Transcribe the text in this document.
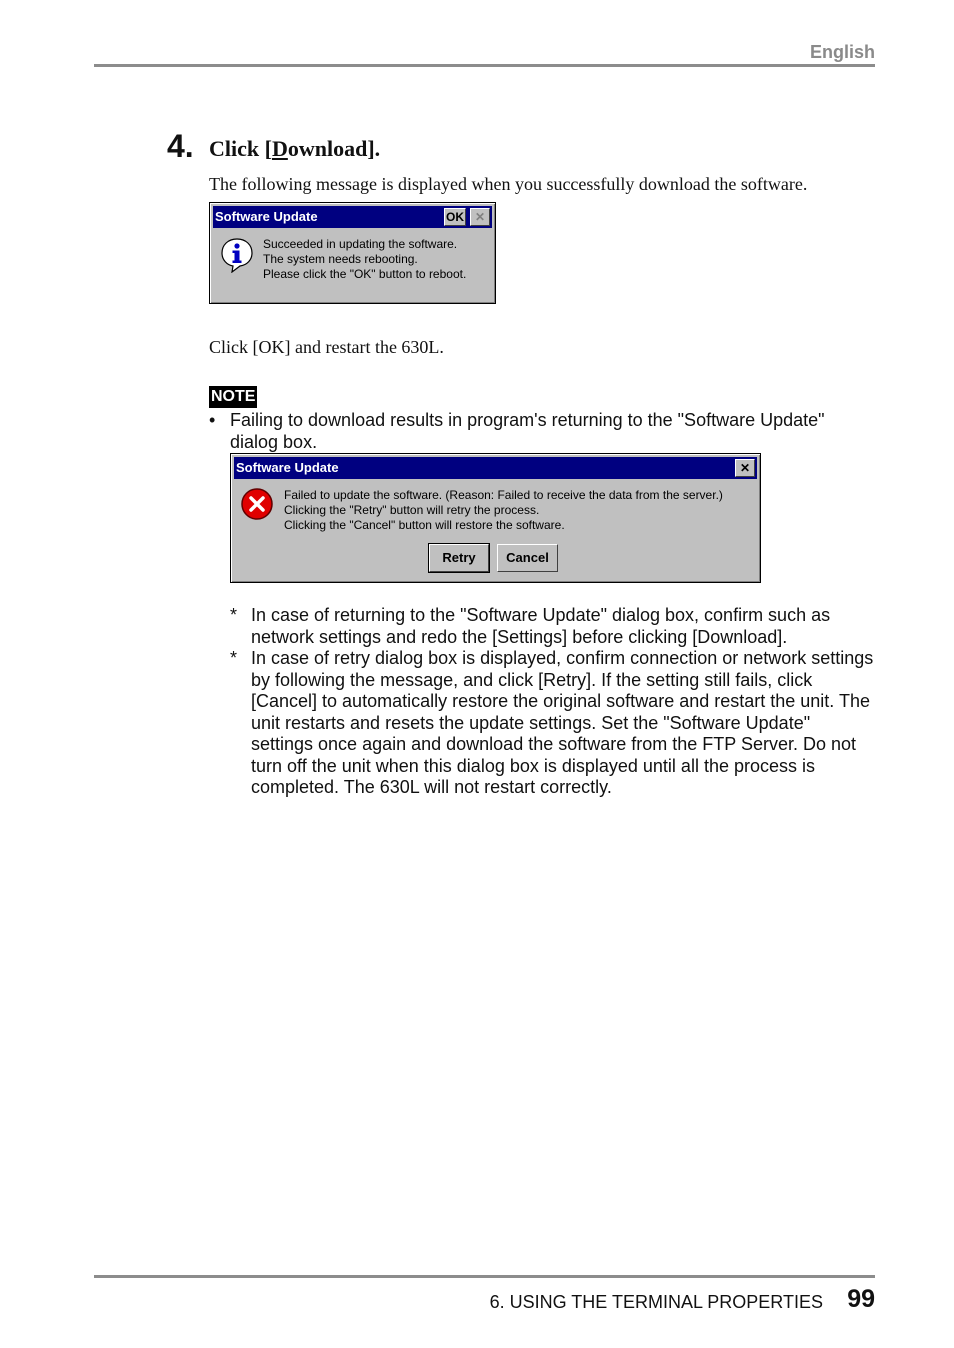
English
4. Click [Download].
The following message is displayed when you successfully download the software.
Software Update	OK ✕
Succeeded in updating the software.
The system needs rebooting.
Please click the "OK" button to reboot.
Click [OK] and restart the 630L.
NOTE
• Failing to download results in program's returning to the "Software Update" dialog box.
Software Update	✕
Failed to update the software. (Reason: Failed to receive the data from the server.)
Clicking the "Retry" button will retry the process.
Clicking the "Cancel" button will restore the software.
Retry	Cancel
* In case of returning to the "Software Update" dialog box, confirm such as network settings and redo the [Settings] before clicking [Download].
* In case of retry dialog box is displayed, confirm connection or network settings by following the message, and click [Retry]. If the setting still fails, click [Cancel] to automatically restore the original software and restart the unit. The unit restarts and resets the update settings. Set the "Software Update" settings once again and download the software from the FTP Server. Do not turn off the unit when this dialog box is displayed until all the process is completed. The 630L will not restart correctly.
6. USING THE TERMINAL PROPERTIES 99
